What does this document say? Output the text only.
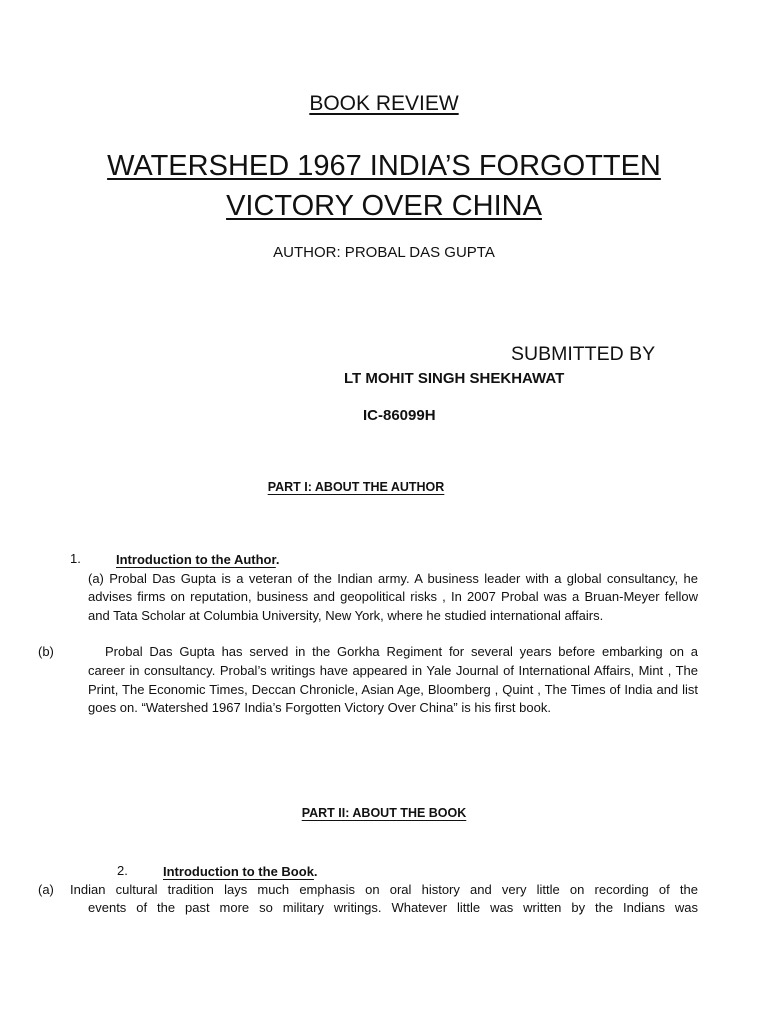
BOOK REVIEW
WATERSHED 1967 INDIA’S FORGOTTEN
VICTORY OVER CHINA
AUTHOR: PROBAL DAS GUPTA
SUBMITTED BY
LT MOHIT SINGH SHEKHAWAT
IC-86099H
PART I: ABOUT THE AUTHOR
1.	Introduction to the Author.
(a) Probal Das Gupta is a veteran of the Indian army. A business leader with a global consultancy, he advises firms on reputation, business and geopolitical risks , In 2007 Probal was a Bruan-Meyer fellow and Tata Scholar at Columbia University, New York, where he studied international affairs.
(b)	Probal Das Gupta has served in the Gorkha Regiment for several years before embarking on a
career in consultancy. Probal’s writings have appeared in Yale Journal of International Affairs, Mint , The Print, The Economic Times, Deccan Chronicle, Asian Age, Bloomberg , Quint , The Times of India and list goes on. “Watershed 1967 India’s Forgotten Victory Over China” is his first book.
PART II: ABOUT THE BOOK
2.	Introduction to the Book.
(a) Indian cultural tradition lays much emphasis on oral history and very little on recording of the
events of the past more so military writings. Whatever little was written by the Indians was
